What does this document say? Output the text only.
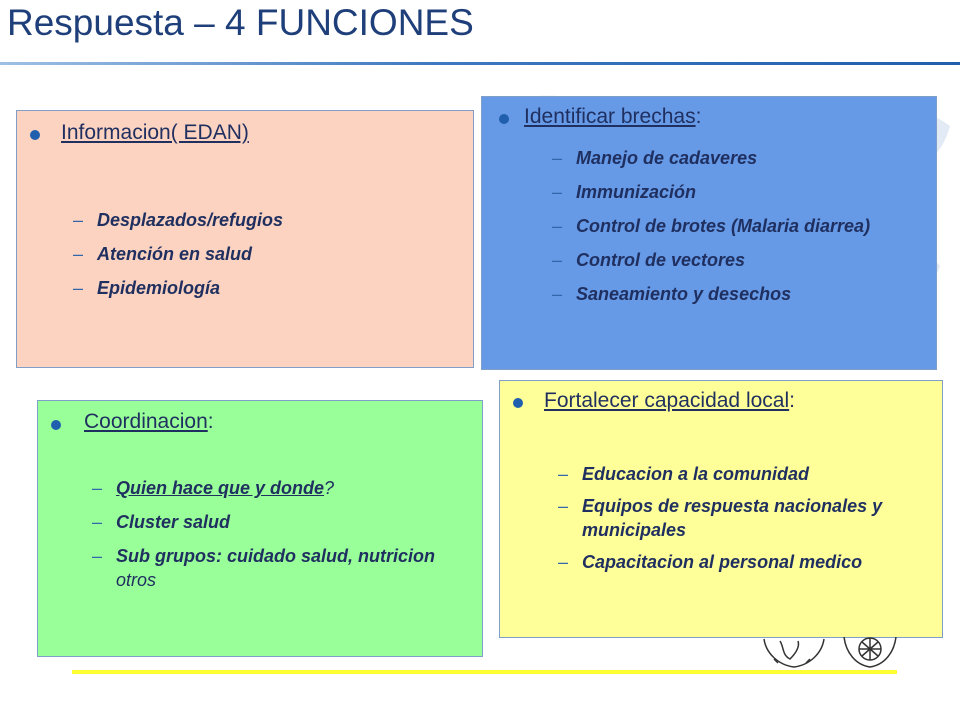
Respuesta – 4 FUNCIONES
Informacion( EDAN)
– Desplazados/refugios
– Atención en salud
– Epidemiología
Identificar brechas:
– Manejo de cadaveres
– Immunización
– Control de brotes (Malaria diarrea)
– Control de vectores
– Saneamiento y desechos
Coordinacion:
– Quien hace que y donde?
– Cluster salud
– Sub grupos: cuidado salud, nutricion otros
Fortalecer capacidad local:
– Educacion a la comunidad
– Equipos de respuesta nacionales y municipales
– Capacitacion al personal medico
